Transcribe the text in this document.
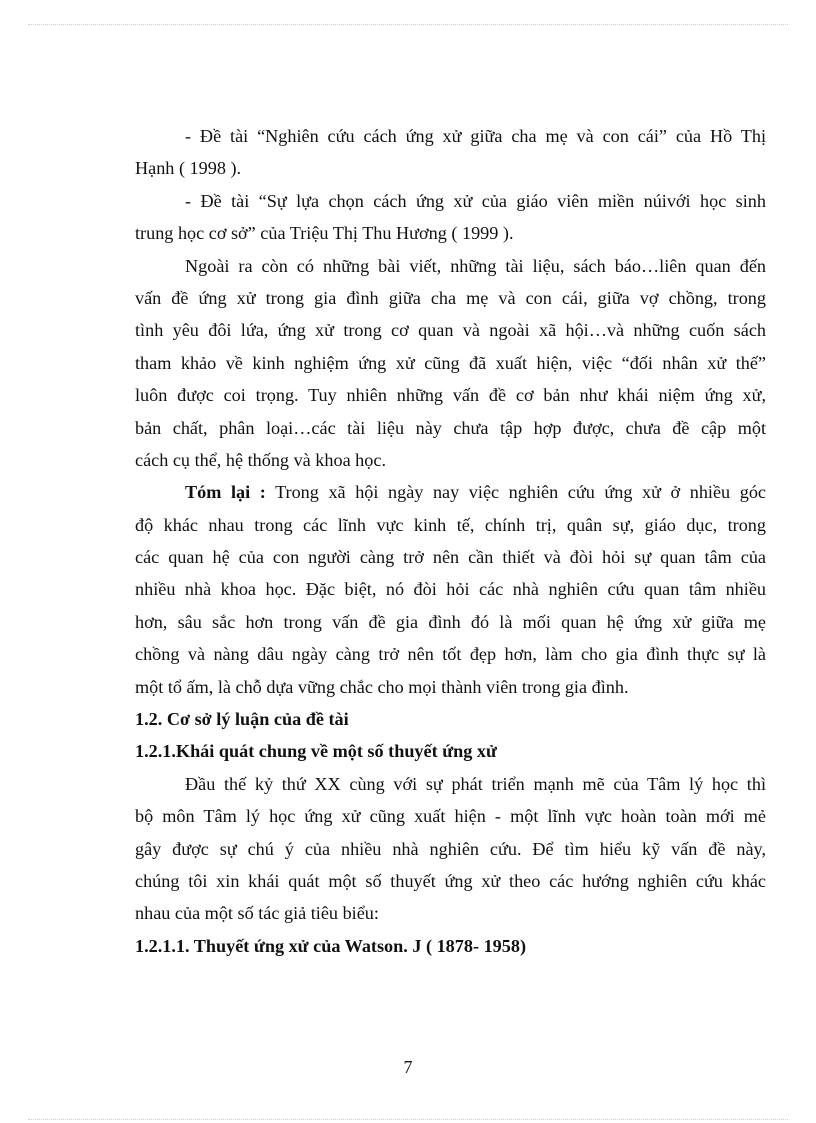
- Đề tài “Nghiên cứu cách ứng xử giữa cha mẹ và con cái” của Hồ Thị
Hạnh ( 1998 ).
- Đề tài “Sự lựa chọn cách ứng xử của giáo viên miền núivới học sinh
trung học cơ sở” của Triệu Thị Thu Hương ( 1999 ).
Ngoài ra còn có những bài viết, những tài liệu, sách báo…liên quan đến
vấn đề ứng xử trong gia đình giữa cha mẹ và con cái, giữa vợ chồng, trong
tình yêu đôi lứa, ứng xử trong cơ quan và ngoài xã hội…và những cuốn sách
tham khảo về kinh nghiệm ứng xử cũng đã xuất hiện, việc “đối nhân xử thế”
luôn được coi trọng. Tuy nhiên những vấn đề cơ bản như khái niệm ứng xử,
bản chất, phân loại…các tài liệu này chưa tập hợp được, chưa đề cập một
cách cụ thể, hệ thống và khoa học.
Tóm lại : Trong xã hội ngày nay việc nghiên cứu ứng xử ở nhiều góc
độ khác nhau trong các lĩnh vực kinh tế, chính trị, quân sự, giáo dục, trong
các quan hệ của con người càng trở nên cần thiết và đòi hỏi sự quan tâm của
nhiều nhà khoa học. Đặc biệt, nó đòi hỏi các nhà nghiên cứu quan tâm nhiều
hơn, sâu sắc hơn trong vấn đề gia đình đó là mối quan hệ ứng xử giữa mẹ
chồng và nàng dâu ngày càng trở nên tốt đẹp hơn, làm cho gia đình thực sự là
một tổ ấm, là chỗ dựa vững chắc cho mọi thành viên trong gia đình.
1.2. Cơ sở lý luận của đề tài
1.2.1.Khái quát chung về một số thuyết ứng xử
Đầu thế kỷ thứ XX cùng với sự phát triển mạnh mẽ của Tâm lý học thì
bộ môn Tâm lý học ứng xử cũng xuất hiện - một lĩnh vực hoàn toàn mới mẻ
gây được sự chú ý của nhiều nhà nghiên cứu. Để tìm hiểu kỹ vấn đề này,
chúng tôi xin khái quát một số thuyết ứng xử theo các hướng nghiên cứu khác
nhau của một số tác giả tiêu biểu:
1.2.1.1. Thuyết ứng xử của Watson. J ( 1878- 1958)
7
